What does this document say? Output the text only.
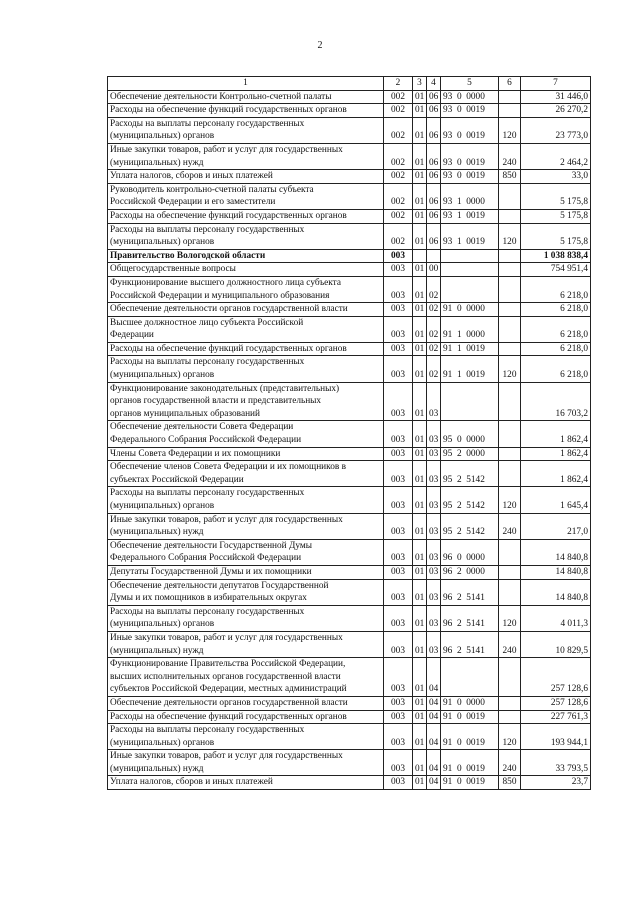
2
1	2	3	4	5	6	7
Обеспечение деятельности Контрольно-счетной палаты	002	01	06	93  0  0000		31 446,0
Расходы на обеспечение функций государственных органов	002	01	06	93  0  0019		26 270,2
Расходы на выплаты персоналу государственных
(муниципальных) органов	002	01	06	93  0  0019	120	23 773,0
Иные закупки товаров, работ и услуг для государственных
(муниципальных) нужд	002	01	06	93  0  0019	240	2 464,2
Уплата налогов, сборов и иных платежей	002	01	06	93  0  0019	850	33,0
Руководитель контрольно-счетной палаты субъекта
Российской Федерации и его заместители	002	01	06	93  1  0000		5 175,8
Расходы на обеспечение функций государственных органов	002	01	06	93  1  0019		5 175,8
Расходы на выплаты персоналу государственных
(муниципальных) органов	002	01	06	93  1  0019	120	5 175,8
Правительство Вологодской области	003					1 038 838,4
Общегосударственные вопросы	003	01	00			754 951,4
Функционирование высшего должностного лица субъекта
Российской Федерации и муниципального образования	003	01	02			6 218,0
Обеспечение деятельности органов государственной власти	003	01	02	91  0  0000		6 218,0
Высшее должностное лицо субъекта Российской
Федерации	003	01	02	91  1  0000		6 218,0
Расходы на обеспечение функций государственных органов	003	01	02	91  1  0019		6 218,0
Расходы на выплаты персоналу государственных
(муниципальных) органов	003	01	02	91  1  0019	120	6 218,0
Функционирование законодательных (представительных)
органов государственной власти и представительных
органов муниципальных образований	003	01	03			16 703,2
Обеспечение деятельности Совета Федерации
Федерального Собрания Российской Федерации	003	01	03	95  0  0000		1 862,4
Члены Совета Федерации и их помощники	003	01	03	95  2  0000		1 862,4
Обеспечение членов Совета Федерации и их помощников в
субъектах Российской Федерации	003	01	03	95  2  5142		1 862,4
Расходы на выплаты персоналу государственных
(муниципальных) органов	003	01	03	95  2  5142	120	1 645,4
Иные закупки товаров, работ и услуг для государственных
(муниципальных) нужд	003	01	03	95  2  5142	240	217,0
Обеспечение деятельности Государственной Думы
Федерального Собрания Российской Федерации	003	01	03	96  0  0000		14 840,8
Депутаты Государственной Думы и их помощники	003	01	03	96  2  0000		14 840,8
Обеспечение деятельности депутатов Государственной
Думы и их помощников в избирательных округах	003	01	03	96  2  5141		14 840,8
Расходы на выплаты персоналу государственных
(муниципальных) органов	003	01	03	96  2  5141	120	4 011,3
Иные закупки товаров, работ и услуг для государственных
(муниципальных) нужд	003	01	03	96  2  5141	240	10 829,5
Функционирование Правительства Российской Федерации,
высших исполнительных органов государственной власти
субъектов Российской Федерации, местных администраций	003	01	04			257 128,6
Обеспечение деятельности органов государственной власти	003	01	04	91  0  0000		257 128,6
Расходы на обеспечение функций государственных органов	003	01	04	91  0  0019		227 761,3
Расходы на выплаты персоналу государственных
(муниципальных) органов	003	01	04	91  0  0019	120	193 944,1
Иные закупки товаров, работ и услуг для государственных
(муниципальных) нужд	003	01	04	91  0  0019	240	33 793,5
Уплата налогов, сборов и иных платежей	003	01	04	91  0  0019	850	23,7
